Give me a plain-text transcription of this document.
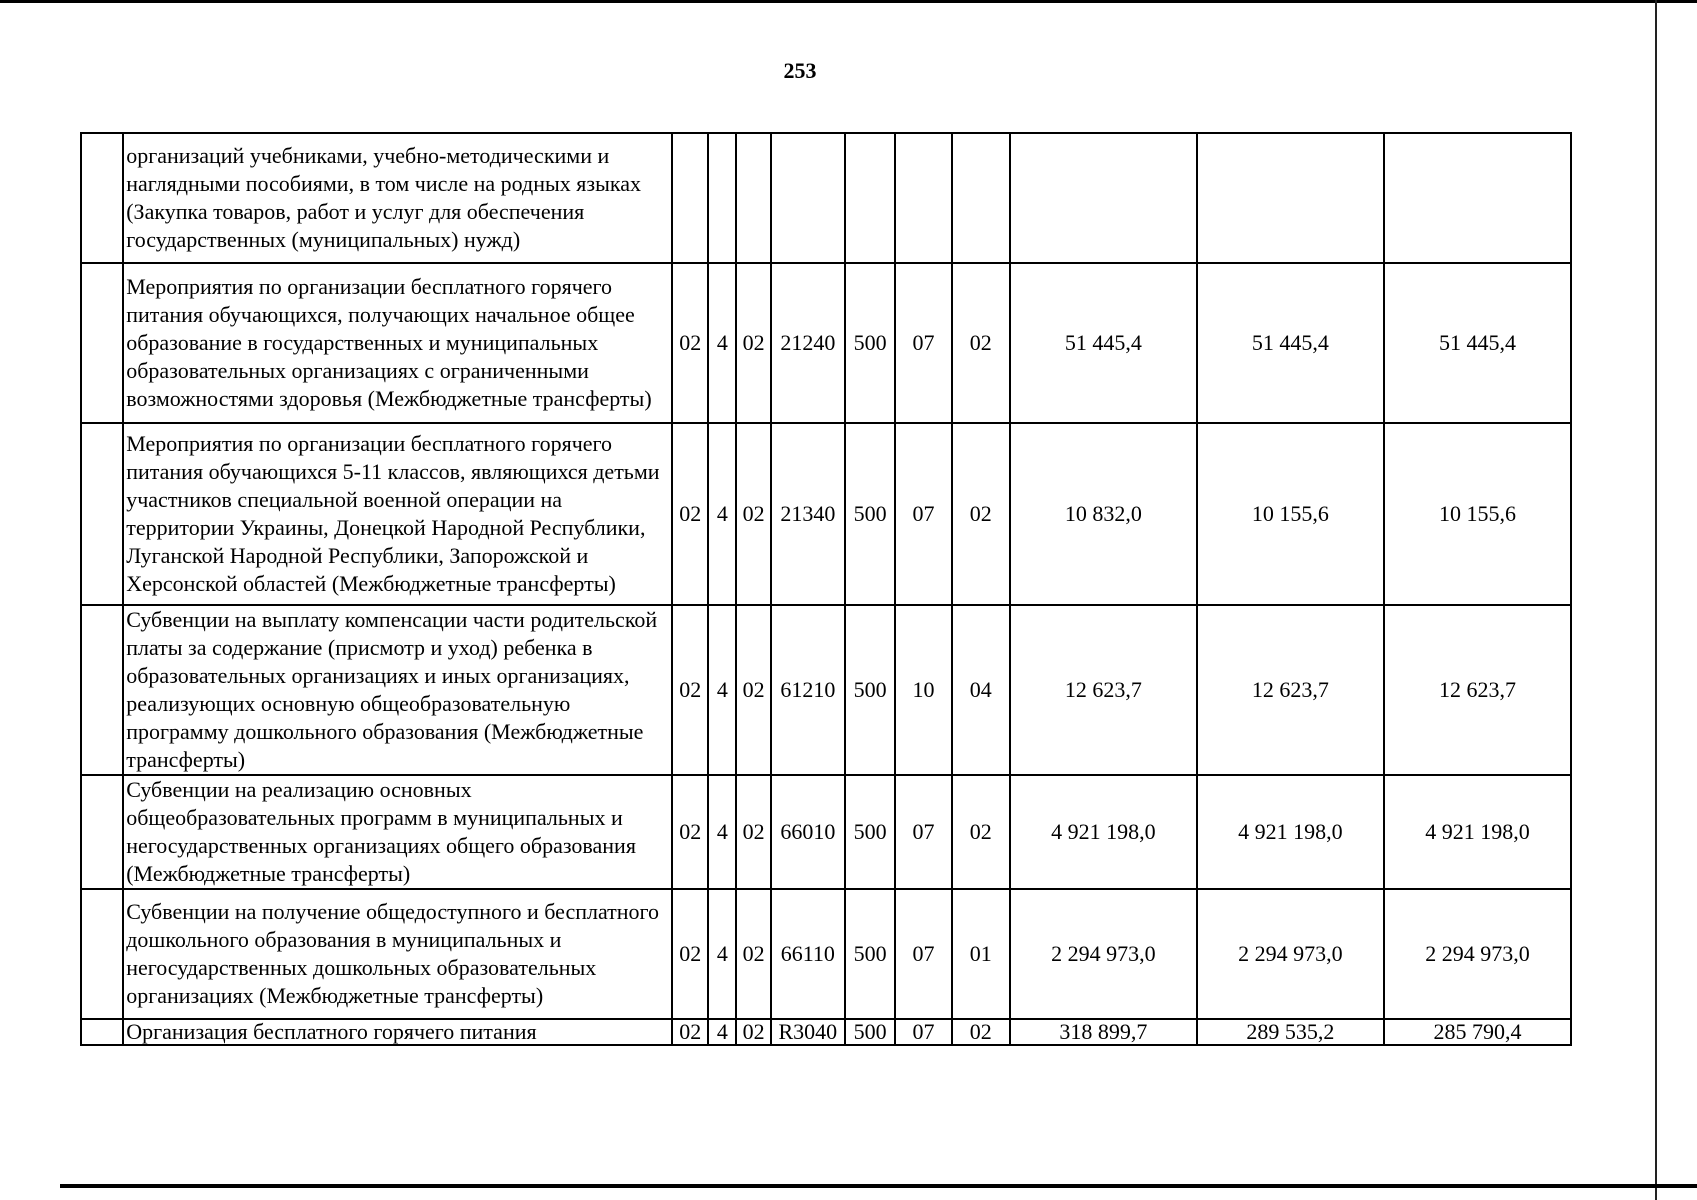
253
	организаций учебниками, учебно-методическими и наглядными пособиями, в том числе на родных языках (Закупка товаров, работ и услуг для обеспечения государственных (муниципальных) нужд)										
	Мероприятия по организации бесплатного горячего питания обучающихся, получающих начальное общее образование в государственных и муниципальных образовательных организациях с ограниченными возможностями здоровья (Межбюджетные трансферты)	02	4	02	21240	500	07	02	51 445,4	51 445,4	51 445,4
	Мероприятия по организации бесплатного горячего питания обучающихся 5-11 классов, являющихся детьми участников специальной военной операции на территории Украины, Донецкой Народной Республики, Луганской Народной Республики, Запорожской и Херсонской областей (Межбюджетные трансферты)	02	4	02	21340	500	07	02	10 832,0	10 155,6	10 155,6
	Субвенции на выплату компенсации части родительской платы за содержание (присмотр и уход) ребенка в образовательных организациях и иных организациях, реализующих основную общеобразовательную программу дошкольного образования (Межбюджетные трансферты)	02	4	02	61210	500	10	04	12 623,7	12 623,7	12 623,7
	Субвенции на реализацию основных общеобразовательных программ в муниципальных и негосударственных организациях общего образования (Межбюджетные трансферты)	02	4	02	66010	500	07	02	4 921 198,0	4 921 198,0	4 921 198,0
	Субвенции на получение общедоступного и бесплатного дошкольного образования в муниципальных и негосударственных дошкольных образовательных организациях (Межбюджетные трансферты)	02	4	02	66110	500	07	01	2 294 973,0	2 294 973,0	2 294 973,0
	Организация бесплатного горячего питания	02	4	02	R3040	500	07	02	318 899,7	289 535,2	285 790,4
